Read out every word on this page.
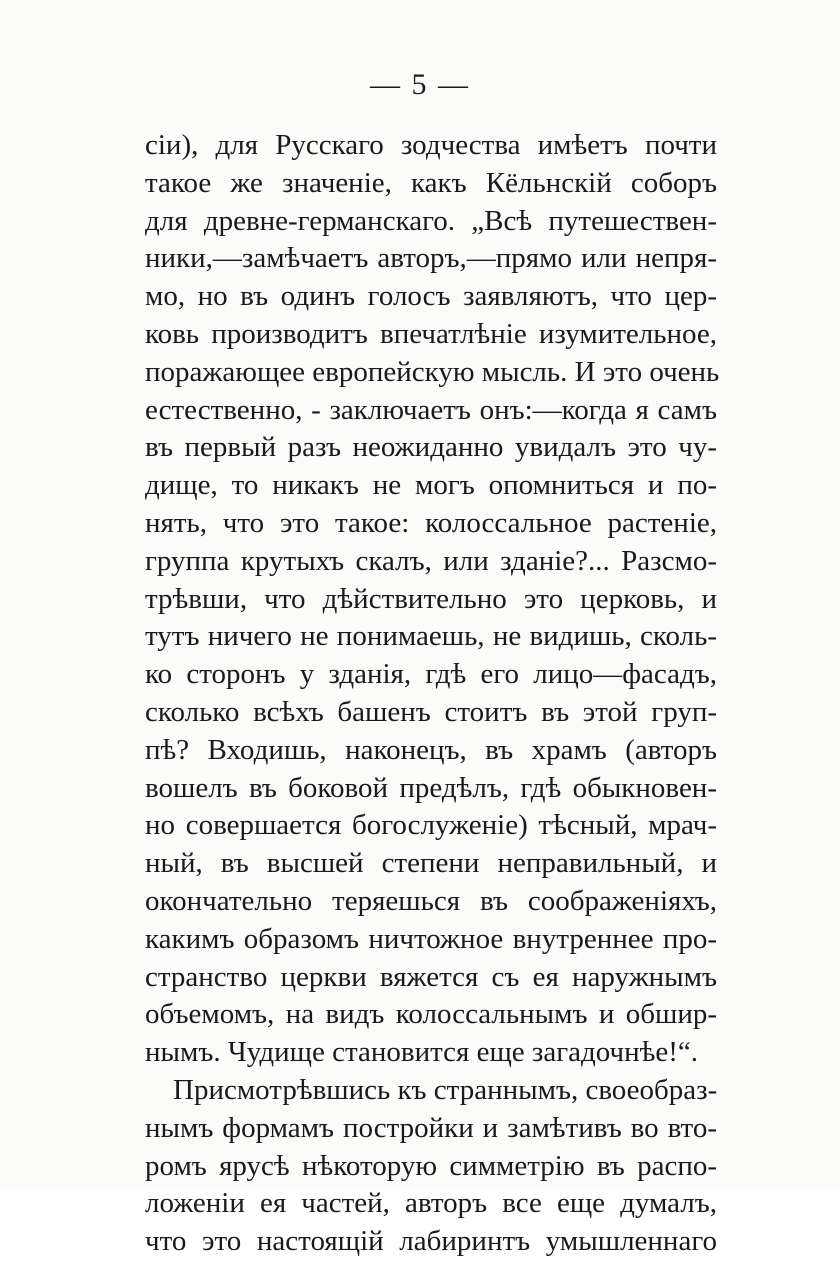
— 5 —
сіи), для Русскаго зодчества имѣетъ почти
такое же значеніе, какъ Кёльнскій соборъ
для древне-германскаго. „Всѣ путешествен-
ники,—замѣчаетъ авторъ,—прямо или непря-
мо, но въ одинъ голосъ заявляютъ, что цер-
ковь производитъ впечатлѣніе изумительное,
поражающее европейскую мысль. И это очень
естественно, - заключаетъ онъ:—когда я самъ
въ первый разъ неожиданно увидалъ это чу-
дище, то никакъ не могъ опомниться и по-
нять, что это такое: колоссальное растеніе,
группа крутыхъ скалъ, или зданіе?... Разсмо-
трѣвши, что дѣйствительно это церковь, и
тутъ ничего не понимаешь, не видишь, сколь-
ко сторонъ у зданія, гдѣ его лицо—фасадъ,
сколько всѣхъ башенъ стоитъ въ этой груп-
пѣ? Входишь, наконецъ, въ храмъ (авторъ
вошелъ въ боковой предѣлъ, гдѣ обыкновен-
но совершается богослуженіе) тѣсный, мрач-
ный, въ высшей степени неправильный, и
окончательно теряешься въ соображеніяхъ,
какимъ образомъ ничтожное внутреннее про-
странство церкви вяжется съ ея наружнымъ
объемомъ, на видъ колоссальнымъ и обшир-
нымъ. Чудище становится еще загадочнѣе!“.
Присмотрѣвшись къ страннымъ, своеобраз-
нымъ формамъ постройки и замѣтивъ во вто-
ромъ ярусѣ нѣкоторую симметрію въ распо-
ложеніи ея частей, авторъ все еще думалъ,
что это настоящій лабиринтъ умышленнаго
